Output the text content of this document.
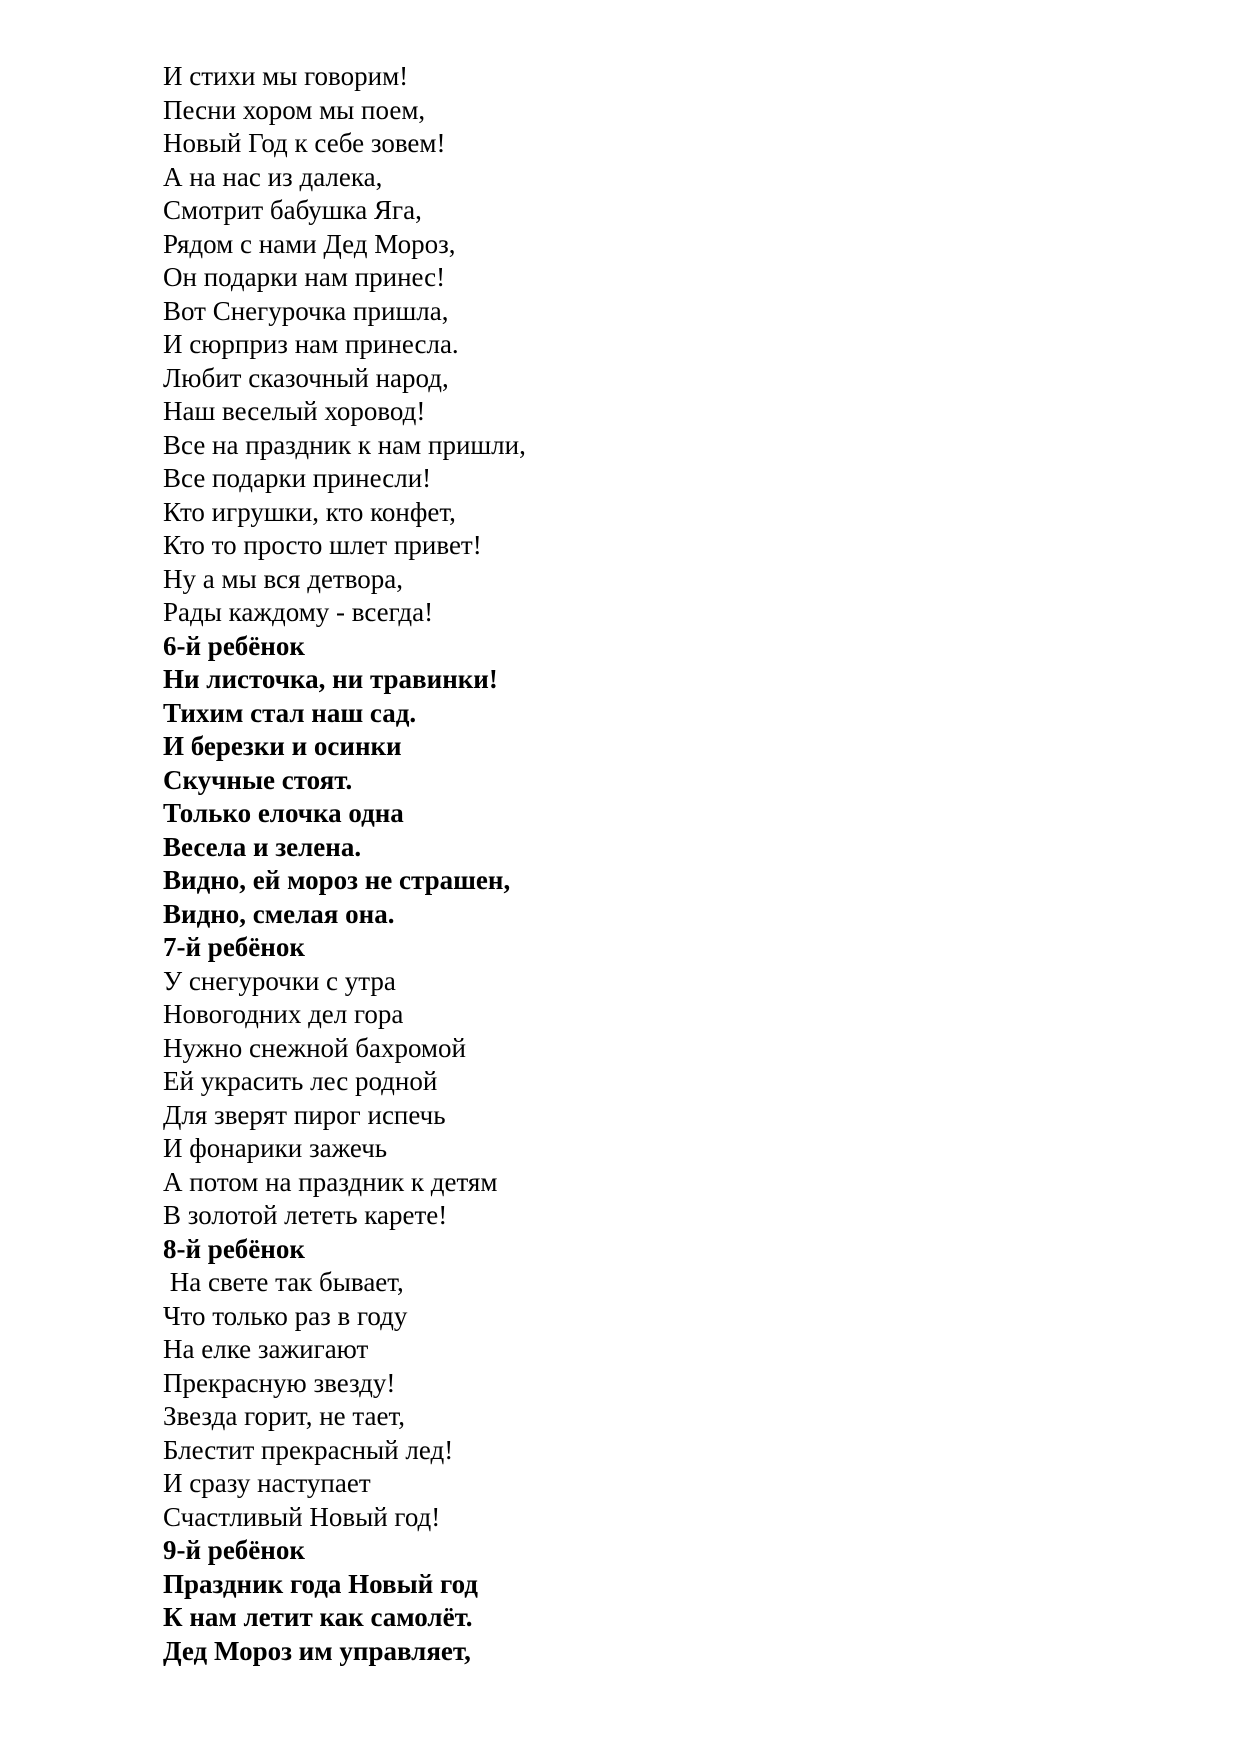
И стихи мы говорим!
Песни хором мы поем,
Новый Год к себе зовем!
А на нас из далека,
Смотрит бабушка Яга,
Рядом с нами Дед Мороз,
Он подарки нам принес!
Вот Снегурочка пришла,
И сюрприз нам принесла.
Любит сказочный народ,
Наш веселый хоровод!
Все на праздник к нам пришли,
Все подарки принесли!
Кто игрушки, кто конфет,
Кто то просто шлет привет!
Ну а мы вся детвора,
Рады каждому - всегда!
6-й ребёнок
Ни листочка, ни травинки!
Тихим стал наш сад.
И березки и осинки
Скучные стоят.
Только елочка одна
Весела и зелена.
Видно, ей мороз не страшен,
Видно, смелая она.
7-й ребёнок
У снегурочки с утра
Новогодних дел гора
Нужно снежной бахромой
Ей украсить лес родной
Для зверят пирог испечь
И фонарики зажечь
А потом на праздник к детям
В золотой лететь карете!
8-й ребёнок
На свете так бывает,
Что только раз в году
На елке зажигают
Прекрасную звезду!
Звезда горит, не тает,
Блестит прекрасный лед!
И сразу наступает
Счастливый Новый год!
9-й ребёнок
Праздник года Новый год
К нам летит как самолёт.
Дед Мороз им управляет,
